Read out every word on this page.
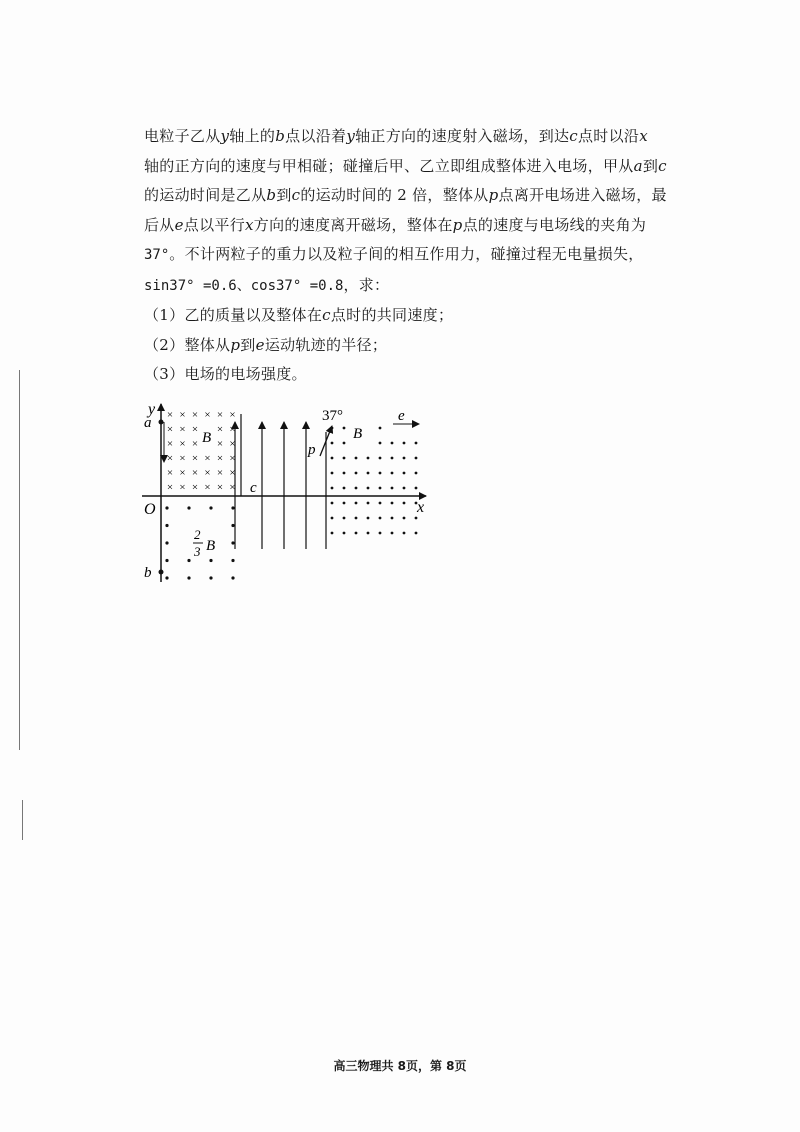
电粒子乙从y轴上的b点以沿着y轴正方向的速度射入磁场，到达c点时以沿x
轴的正方向的速度与甲相碰；碰撞后甲、乙立即组成整体进入电场，甲从a到c
的运动时间是乙从b到c的运动时间的 2 倍，整体从p点离开电场进入磁场，最
后从e点以平行x方向的速度离开磁场，整体在p点的速度与电场线的夹角为
37°。不计两粒子的重力以及粒子间的相互作用力，碰撞过程无电量损失，
sin37° =0.6、cos37° =0.8，求：
（1）乙的质量以及整体在c点时的共同速度；
（2）整体从p到e运动轨迹的半径；
（3）电场的电场强度。
× × × × × ×
× × × × ×
× × × × ×
× × × × × ×
× × × × × ×
× × × × × ×
y
x
O
a
b
c
p
e
37°
B	B
2
3 B
高三物理共 8页，第 8页
